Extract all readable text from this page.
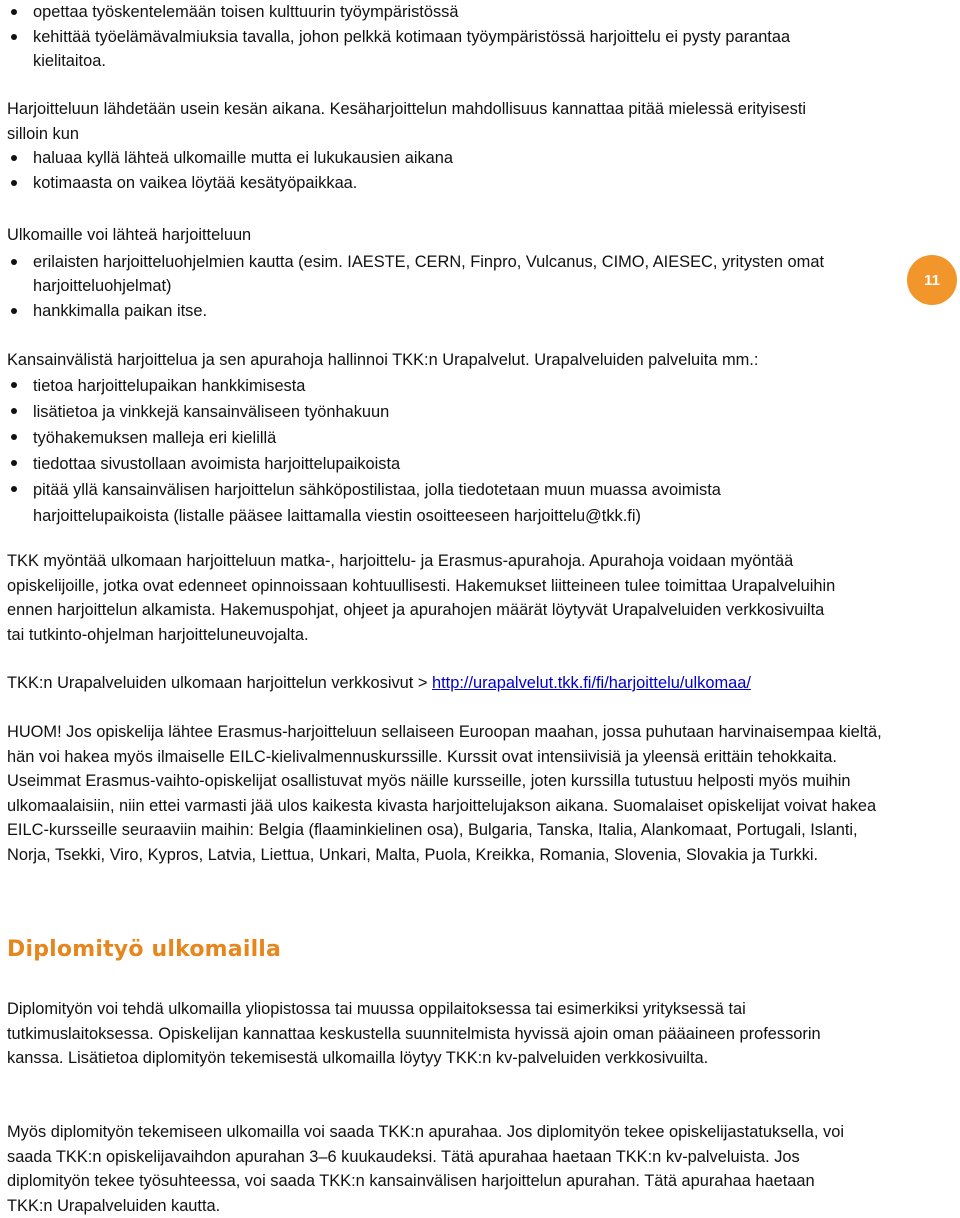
opettaa työskentelemään toisen kulttuurin työympäristössä
kehittää työelämävalmiuksia tavalla, johon pelkkä kotimaan työympäristössä harjoittelu ei pysty parantaa kielitaitoa.

Harjoitteluun lähdetään usein kesän aikana. Kesäharjoittelun mahdollisuus kannattaa pitää mielessä erityisesti silloin kun

haluaa kyllä lähteä ulkomaille mutta ei lukukausien aikana
kotimaasta on vaikea löytää kesätyöpaikkaa.

Ulkomaille voi lähteä harjoitteluun

erilaisten harjoitteluohjelmien kautta (esim. IAESTE, CERN, Finpro, Vulcanus, CIMO, AIESEC, yritysten omat harjoitteluohjelmat)
hankkimalla paikan itse.
11

Kansainvälistä harjoittelua ja sen apurahoja hallinnoi TKK:n Urapalvelut. Urapalveluiden palveluita mm.:

tietoa harjoittelupaikan hankkimisesta
lisätietoa ja vinkkejä kansainväliseen työnhakuun
työhakemuksen malleja eri kielillä
tiedottaa sivustollaan avoimista harjoittelupaikoista
pitää yllä kansainvälisen harjoittelun sähköpostilistaa, jolla tiedotetaan muun muassa avoimista harjoittelupaikoista (listalle pääsee laittamalla viestin osoitteeseen harjoittelu@tkk.fi)

TKK myöntää ulkomaan harjoitteluun matka-, harjoittelu- ja Erasmus-apurahoja. Apurahoja voidaan myöntää opiskelijoille, jotka ovat edenneet opinnoissaan kohtuullisesti. Hakemukset liitteineen tulee toimittaa Urapalveluihin ennen harjoittelun alkamista. Hakemuspohjat, ohjeet ja apurahojen määrät löytyvät Urapalveluiden verkkosivuilta tai tutkinto-ohjelman harjoitteluneuvojalta.

TKK:n Urapalveluiden ulkomaan harjoittelun verkkosivut > http://urapalvelut.tkk.fi/fi/harjoittelu/ulkomaa/

HUOM! Jos opiskelija lähtee Erasmus-harjoitteluun sellaiseen Euroopan maahan, jossa puhutaan harvinaisempaa kieltä, hän voi hakea myös ilmaiselle EILC-kielivalmennuskurssille. Kurssit ovat intensiivisiä ja yleensä erittäin tehokkaita. Useimmat Erasmus-vaihto-opiskelijat osallistuvat myös näille kursseille, joten kurssilla tutustuu helposti myös muihin ulkomaalaisiin, niin ettei varmasti jää ulos kaikesta kivasta harjoittelujakson aikana. Suomalaiset opiskelijat voivat hakea EILC-kursseille seuraaviin maihin: Belgia (flaaminkielinen osa), Bulgaria, Tanska, Italia, Alankomaat, Portugali, Islanti, Norja, Tsekki, Viro, Kypros, Latvia, Liettua, Unkari, Malta, Puola, Kreikka, Romania, Slovenia, Slovakia ja Turkki.

Diplomityö ulkomailla

Diplomityön voi tehdä ulkomailla yliopistossa tai muussa oppilaitoksessa tai esimerkiksi yrityksessä tai tutkimuslaitoksessa. Opiskelijan kannattaa keskustella suunnitelmista hyvissä ajoin oman pääaineen professorin kanssa. Lisätietoa diplomityön tekemisestä ulkomailla löytyy TKK:n kv-palveluiden verkkosivuilta.

Myös diplomityön tekemiseen ulkomailla voi saada TKK:n apurahaa. Jos diplomityön tekee opiskelijastatuksella, voi saada TKK:n opiskelijavaihdon apurahan 3–6 kuukaudeksi. Tätä apurahaa haetaan TKK:n kv-palveluista. Jos diplomityön tekee työsuhteessa, voi saada TKK:n kansainvälisen harjoittelun apurahan. Tätä apurahaa haetaan TKK:n Urapalveluiden kautta.
